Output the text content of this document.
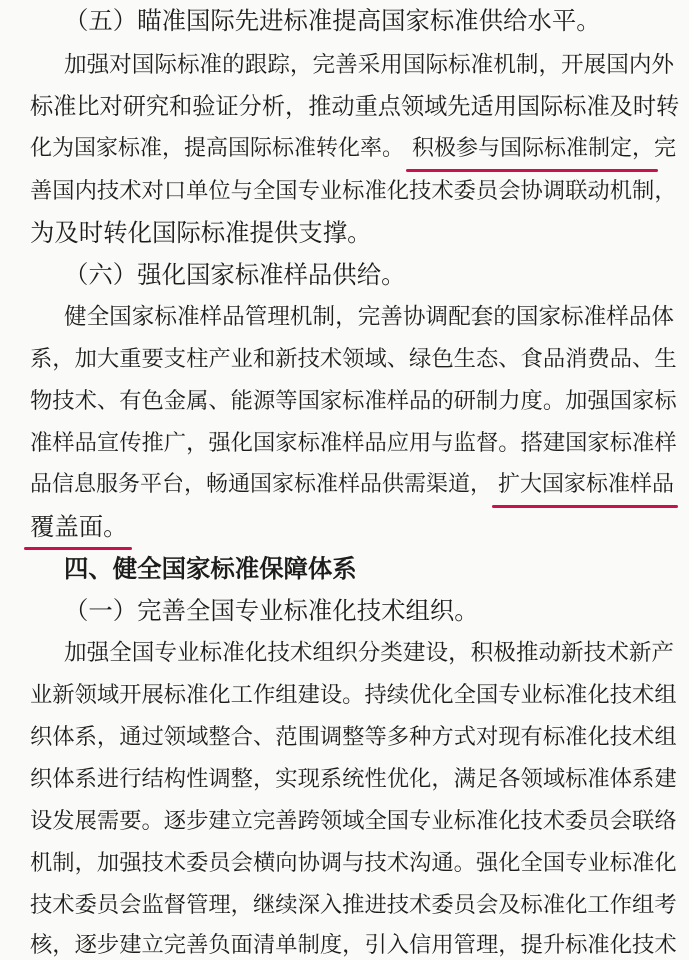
（五）瞄准国际先进标准提高国家标准供给水平。
加强对国际标准的跟踪，完善采用国际标准机制，开展国内外
标准比对研究和验证分析，推动重点领域先适用国际标准及时转
化为国家标准，提高国际标准转化率。 积极参与国际标准制定，完
善国内技术对口单位与全国专业标准化技术委员会协调联动机制，
为及时转化国际标准提供支撑。
（六）强化国家标准样品供给。
健全国家标准样品管理机制，完善协调配套的国家标准样品体
系，加大重要支柱产业和新技术领域、绿色生态、食品消费品、生
物技术、有色金属、能源等国家标准样品的研制力度。加强国家标
准样品宣传推广，强化国家标准样品应用与监督。搭建国家标准样
品信息服务平台，畅通国家标准样品供需渠道， 扩大国家标准样品
覆盖面。
四、健全国家标准保障体系
（一）完善全国专业标准化技术组织。
加强全国专业标准化技术组织分类建设，积极推动新技术新产
业新领域开展标准化工作组建设。持续优化全国专业标准化技术组
织体系，通过领域整合、范围调整等多种方式对现有标准化技术组
织体系进行结构性调整，实现系统性优化，满足各领域标准体系建
设发展需要。逐步建立完善跨领域全国专业标准化技术委员会联络
机制，加强技术委员会横向协调与技术沟通。强化全国专业标准化
技术委员会监督管理，继续深入推进技术委员会及标准化工作组考
核，逐步建立完善负面清单制度，引入信用管理，提升标准化技术
